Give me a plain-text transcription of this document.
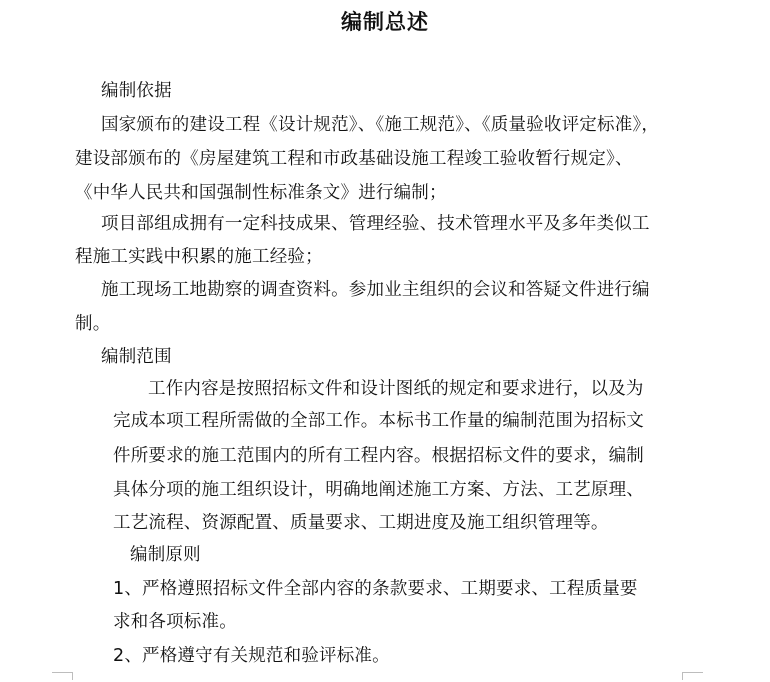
编制总述
编制依据
国家颁布的建设工程《设计规范》、《施工规范》、《质量验收评定标准》，
建设部颁布的《房屋建筑工程和市政基础设施工程竣工验收暂行规定》、
《中华人民共和国强制性标准条文》进行编制；
项目部组成拥有一定科技成果、管理经验、技术管理水平及多年类似工
程施工实践中积累的施工经验；
施工现场工地勘察的调查资料。参加业主组织的会议和答疑文件进行编
制。
编制范围
工作内容是按照招标文件和设计图纸的规定和要求进行，以及为
完成本项工程所需做的全部工作。本标书工作量的编制范围为招标文
件所要求的施工范围内的所有工程内容。根据招标文件的要求，编制
具体分项的施工组织设计，明确地阐述施工方案、方法、工艺原理、
工艺流程、资源配置、质量要求、工期进度及施工组织管理等。
编制原则
1、严格遵照招标文件全部内容的条款要求、工期要求、工程质量要
求和各项标准。
2、严格遵守有关规范和验评标准。
